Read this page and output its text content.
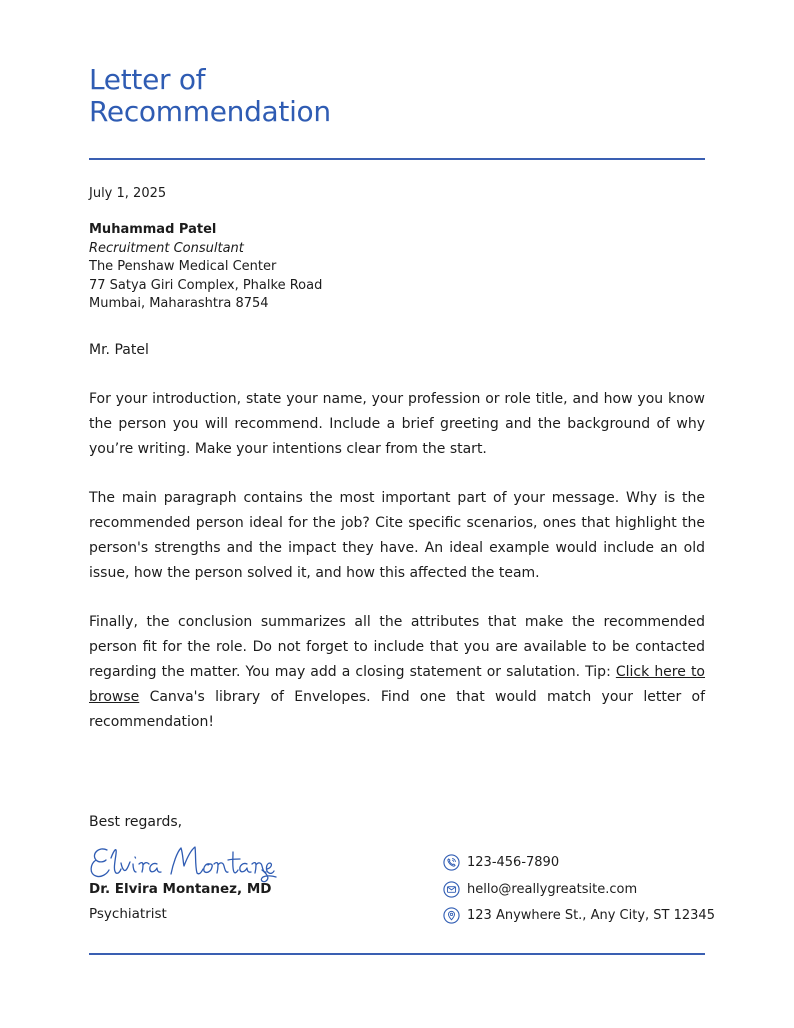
Letter of
Recommendation
July 1, 2025
Muhammad Patel
Recruitment Consultant
The Penshaw Medical Center
77 Satya Giri Complex, Phalke Road
Mumbai, Maharashtra 8754
Mr. Patel

For your introduction, state your name, your profession or role title, and how you know the person you will recommend. Include a brief greeting and the background of why you’re writing. Make your intentions clear from the start.

The main paragraph contains the most important part of your message. Why is the recommended person ideal for the job? Cite specific scenarios, ones that highlight the person's strengths and the impact they have. An ideal example would include an old issue, how the person solved it, and how this affected the team.

Finally, the conclusion summarizes all the attributes that make the recommended person fit for the role. Do not forget to include that you are available to be contacted regarding the matter. You may add a closing statement or salutation. Tip: Click here to browse Canva's library of Envelopes. Find one that would match your letter of recommendation!

Best regards,
Dr. Elvira Montanez, MD
Psychiatrist
123-456-7890
hello@reallygreatsite.com
123 Anywhere St., Any City, ST 12345
